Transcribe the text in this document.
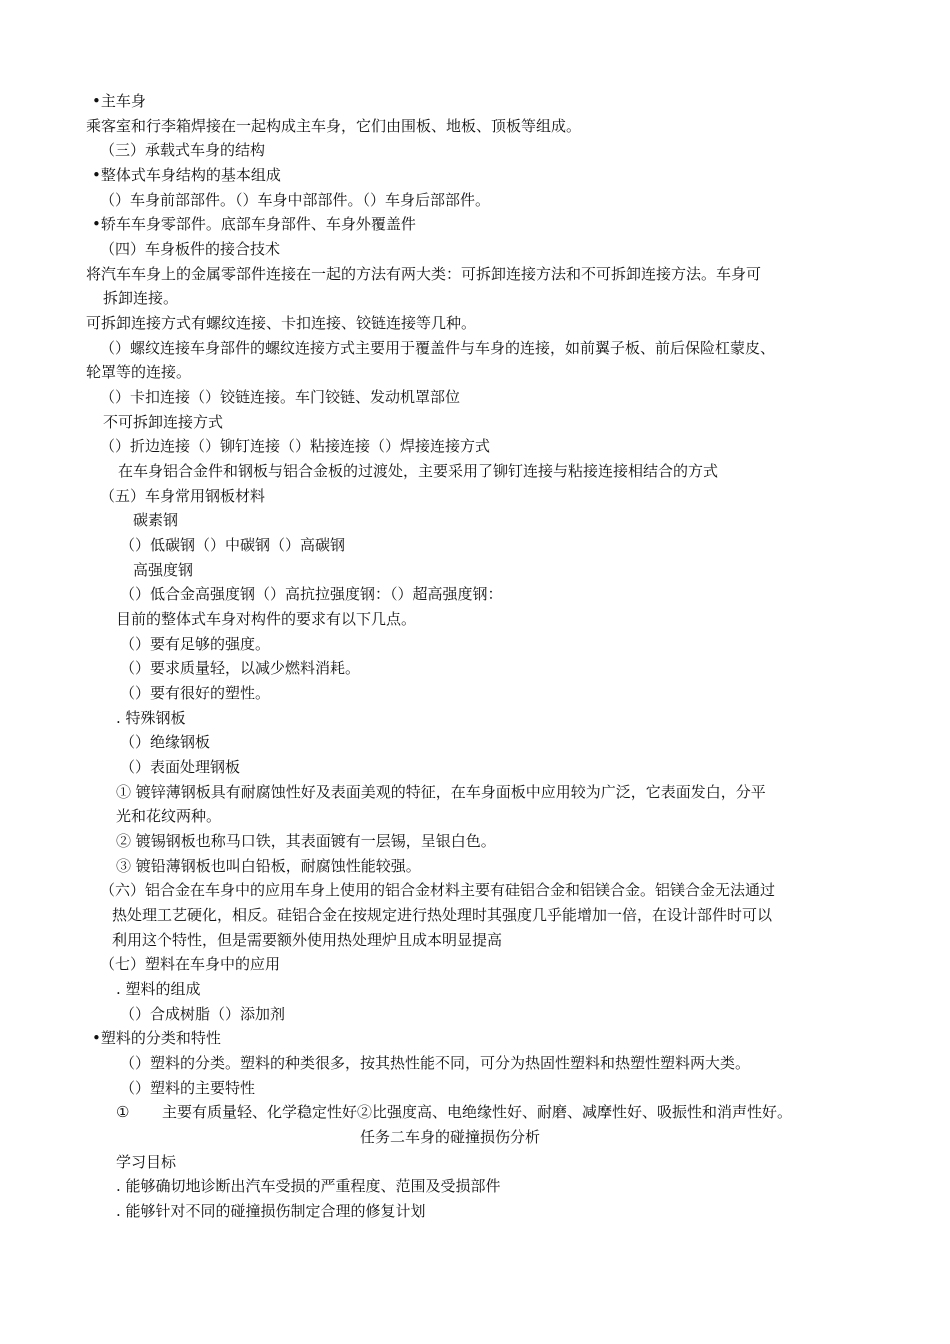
•主车身
乘客室和行李箱焊接在一起构成主车身，它们由围板、地板、顶板等组成。
（三）承载式车身的结构
•整体式车身结构的基本组成
（）车身前部部件。（）车身中部部件。（）车身后部部件。
•轿车车身零部件。底部车身部件、车身外覆盖件
（四）车身板件的接合技术
将汽车车身上的金属零部件连接在一起的方法有两大类：可拆卸连接方法和不可拆卸连接方法。车身可
拆卸连接。
可拆卸连接方式有螺纹连接、卡扣连接、铰链连接等几种。
（）螺纹连接车身部件的螺纹连接方式主要用于覆盖件与车身的连接，如前翼子板、前后保险杠蒙皮、
轮罩等的连接。
（）卡扣连接（）铰链连接。车门铰链、发动机罩部位
不可拆卸连接方式
（）折边连接（）铆钉连接（）粘接连接（）焊接连接方式
在车身铝合金件和钢板与铝合金板的过渡处，主要采用了铆钉连接与粘接连接相结合的方式
（五）车身常用钢板材料
碳素钢
（）低碳钢（）中碳钢（）高碳钢
高强度钢
（）低合金高强度钢（）高抗拉强度钢：（）超高强度钢：
目前的整体式车身对构件的要求有以下几点。
（）要有足够的强度。
（）要求质量轻，以减少燃料消耗。
（）要有很好的塑性。
. 特殊钢板
（）绝缘钢板
（）表面处理钢板
① 镀锌薄钢板具有耐腐蚀性好及表面美观的特征，在车身面板中应用较为广泛，它表面发白，分平
光和花纹两种。
② 镀锡钢板也称马口铁，其表面镀有一层锡，呈银白色。
③ 镀铅薄钢板也叫白铅板，耐腐蚀性能较强。
（六）铝合金在车身中的应用车身上使用的铝合金材料主要有硅铝合金和铝镁合金。铝镁合金无法通过
热处理工艺硬化，相反。硅铝合金在按规定进行热处理时其强度几乎能增加一倍，在设计部件时可以
利用这个特性，但是需要额外使用热处理炉且成本明显提高
（七）塑料在车身中的应用
. 塑料的组成
（）合成树脂（）添加剂
•塑料的分类和特性
（）塑料的分类。塑料的种类很多，按其热性能不同，可分为热固性塑料和热塑性塑料两大类。
（）塑料的主要特性
① 主要有质量轻、化学稳定性好②比强度高、电绝缘性好、耐磨、减摩性好、吸振性和消声性好。
任务二车身的碰撞损伤分析
学习目标
. 能够确切地诊断出汽车受损的严重程度、范围及受损部件
. 能够针对不同的碰撞损伤制定合理的修复计划
